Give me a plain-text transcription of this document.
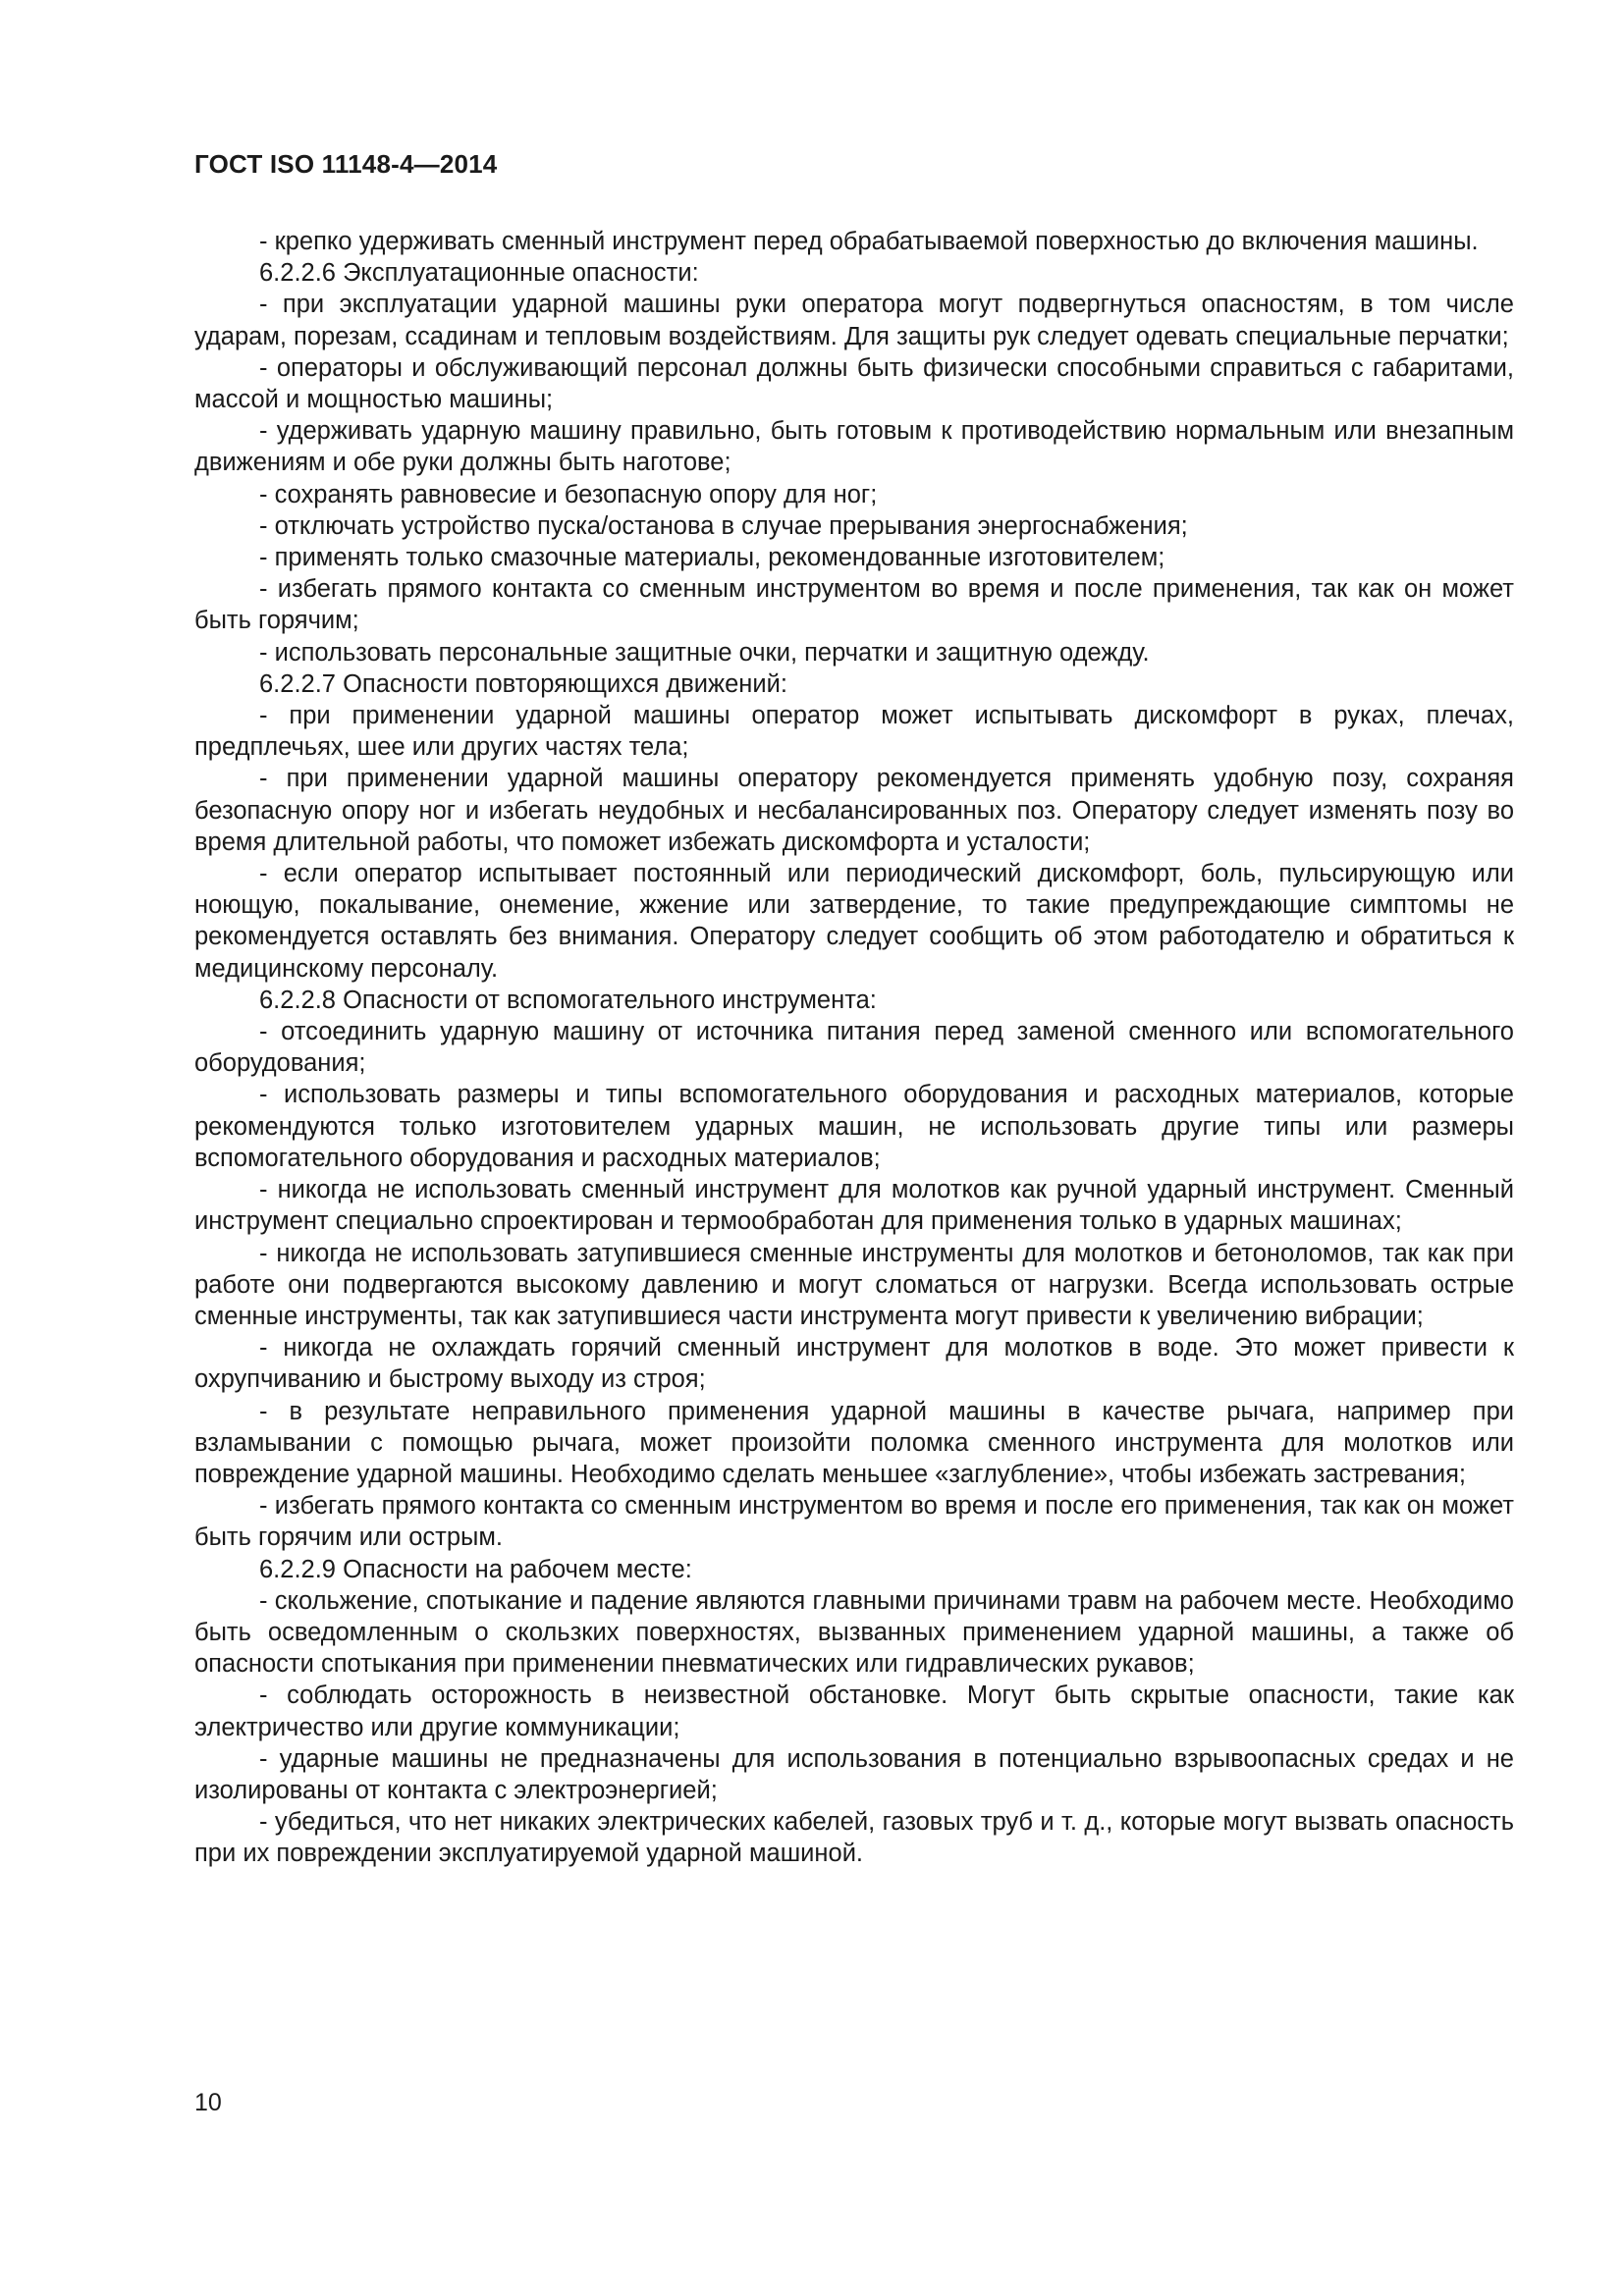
ГОСТ ISO 11148-4—2014

- крепко удерживать сменный инструмент перед обрабатываемой поверхностью до включения машины.

6.2.2.6 Эксплуатационные опасности:

- при эксплуатации ударной машины руки оператора могут подвергнуться опасностям, в том числе ударам, порезам, ссадинам и тепловым воздействиям. Для защиты рук следует одевать специальные перчатки;

- операторы и обслуживающий персонал должны быть физически способными справиться с габаритами, массой и мощностью машины;

- удерживать ударную машину правильно, быть готовым к противодействию нормальным или внезапным движениям и обе руки должны быть наготове;

- сохранять равновесие и безопасную опору для ног;

- отключать устройство пуска/останова в случае прерывания энергоснабжения;

- применять только смазочные материалы, рекомендованные изготовителем;

- избегать прямого контакта со сменным инструментом во время и после применения, так как он может быть горячим;

- использовать персональные защитные очки, перчатки и защитную одежду.

6.2.2.7 Опасности повторяющихся движений:

- при применении ударной машины оператор может испытывать дискомфорт в руках, плечах, предплечьях, шее или других частях тела;

- при применении ударной машины оператору рекомендуется применять удобную позу, сохраняя безопасную опору ног и избегать неудобных и несбалансированных поз. Оператору следует изменять позу во время длительной работы, что поможет избежать дискомфорта и усталости;

- если оператор испытывает постоянный или периодический дискомфорт, боль, пульсирующую или ноющую, покалывание, онемение, жжение или затвердение, то такие предупреждающие симптомы не рекомендуется оставлять без внимания. Оператору следует сообщить об этом работодателю и обратиться к медицинскому персоналу.

6.2.2.8 Опасности от вспомогательного инструмента:

- отсоединить ударную машину от источника питания перед заменой сменного или вспомогательного оборудования;

- использовать размеры и типы вспомогательного оборудования и расходных материалов, которые рекомендуются только изготовителем ударных машин, не использовать другие типы или размеры вспомогательного оборудования и расходных материалов;

- никогда не использовать сменный инструмент для молотков как ручной ударный инструмент. Сменный инструмент специально спроектирован и термообработан для применения только в ударных машинах;

- никогда не использовать затупившиеся сменные инструменты для молотков и бетоноломов, так как при работе они подвергаются высокому давлению и могут сломаться от нагрузки. Всегда использовать острые сменные инструменты, так как затупившиеся части инструмента могут привести к увеличению вибрации;

- никогда не охлаждать горячий сменный инструмент для молотков в воде. Это может привести к охрупчиванию и быстрому выходу из строя;

- в результате неправильного применения ударной машины в качестве рычага, например при взламывании с помощью рычага, может произойти поломка сменного инструмента для молотков или повреждение ударной машины. Необходимо сделать меньшее «заглубление», чтобы избежать застревания;

- избегать прямого контакта со сменным инструментом во время и после его применения, так как он может быть горячим или острым.

6.2.2.9 Опасности на рабочем месте:

- скольжение, спотыкание и падение являются главными причинами травм на рабочем месте. Необходимо быть осведомленным о скользких поверхностях, вызванных применением ударной машины, а также об опасности спотыкания при применении пневматических или гидравлических рукавов;

- соблюдать осторожность в неизвестной обстановке. Могут быть скрытые опасности, такие как электричество или другие коммуникации;

- ударные машины не предназначены для использования в потенциально взрывоопасных средах и не изолированы от контакта с электроэнергией;

- убедиться, что нет никаких электрических кабелей, газовых труб и т. д., которые могут вызвать опасность при их повреждении эксплуатируемой ударной машиной.

10
